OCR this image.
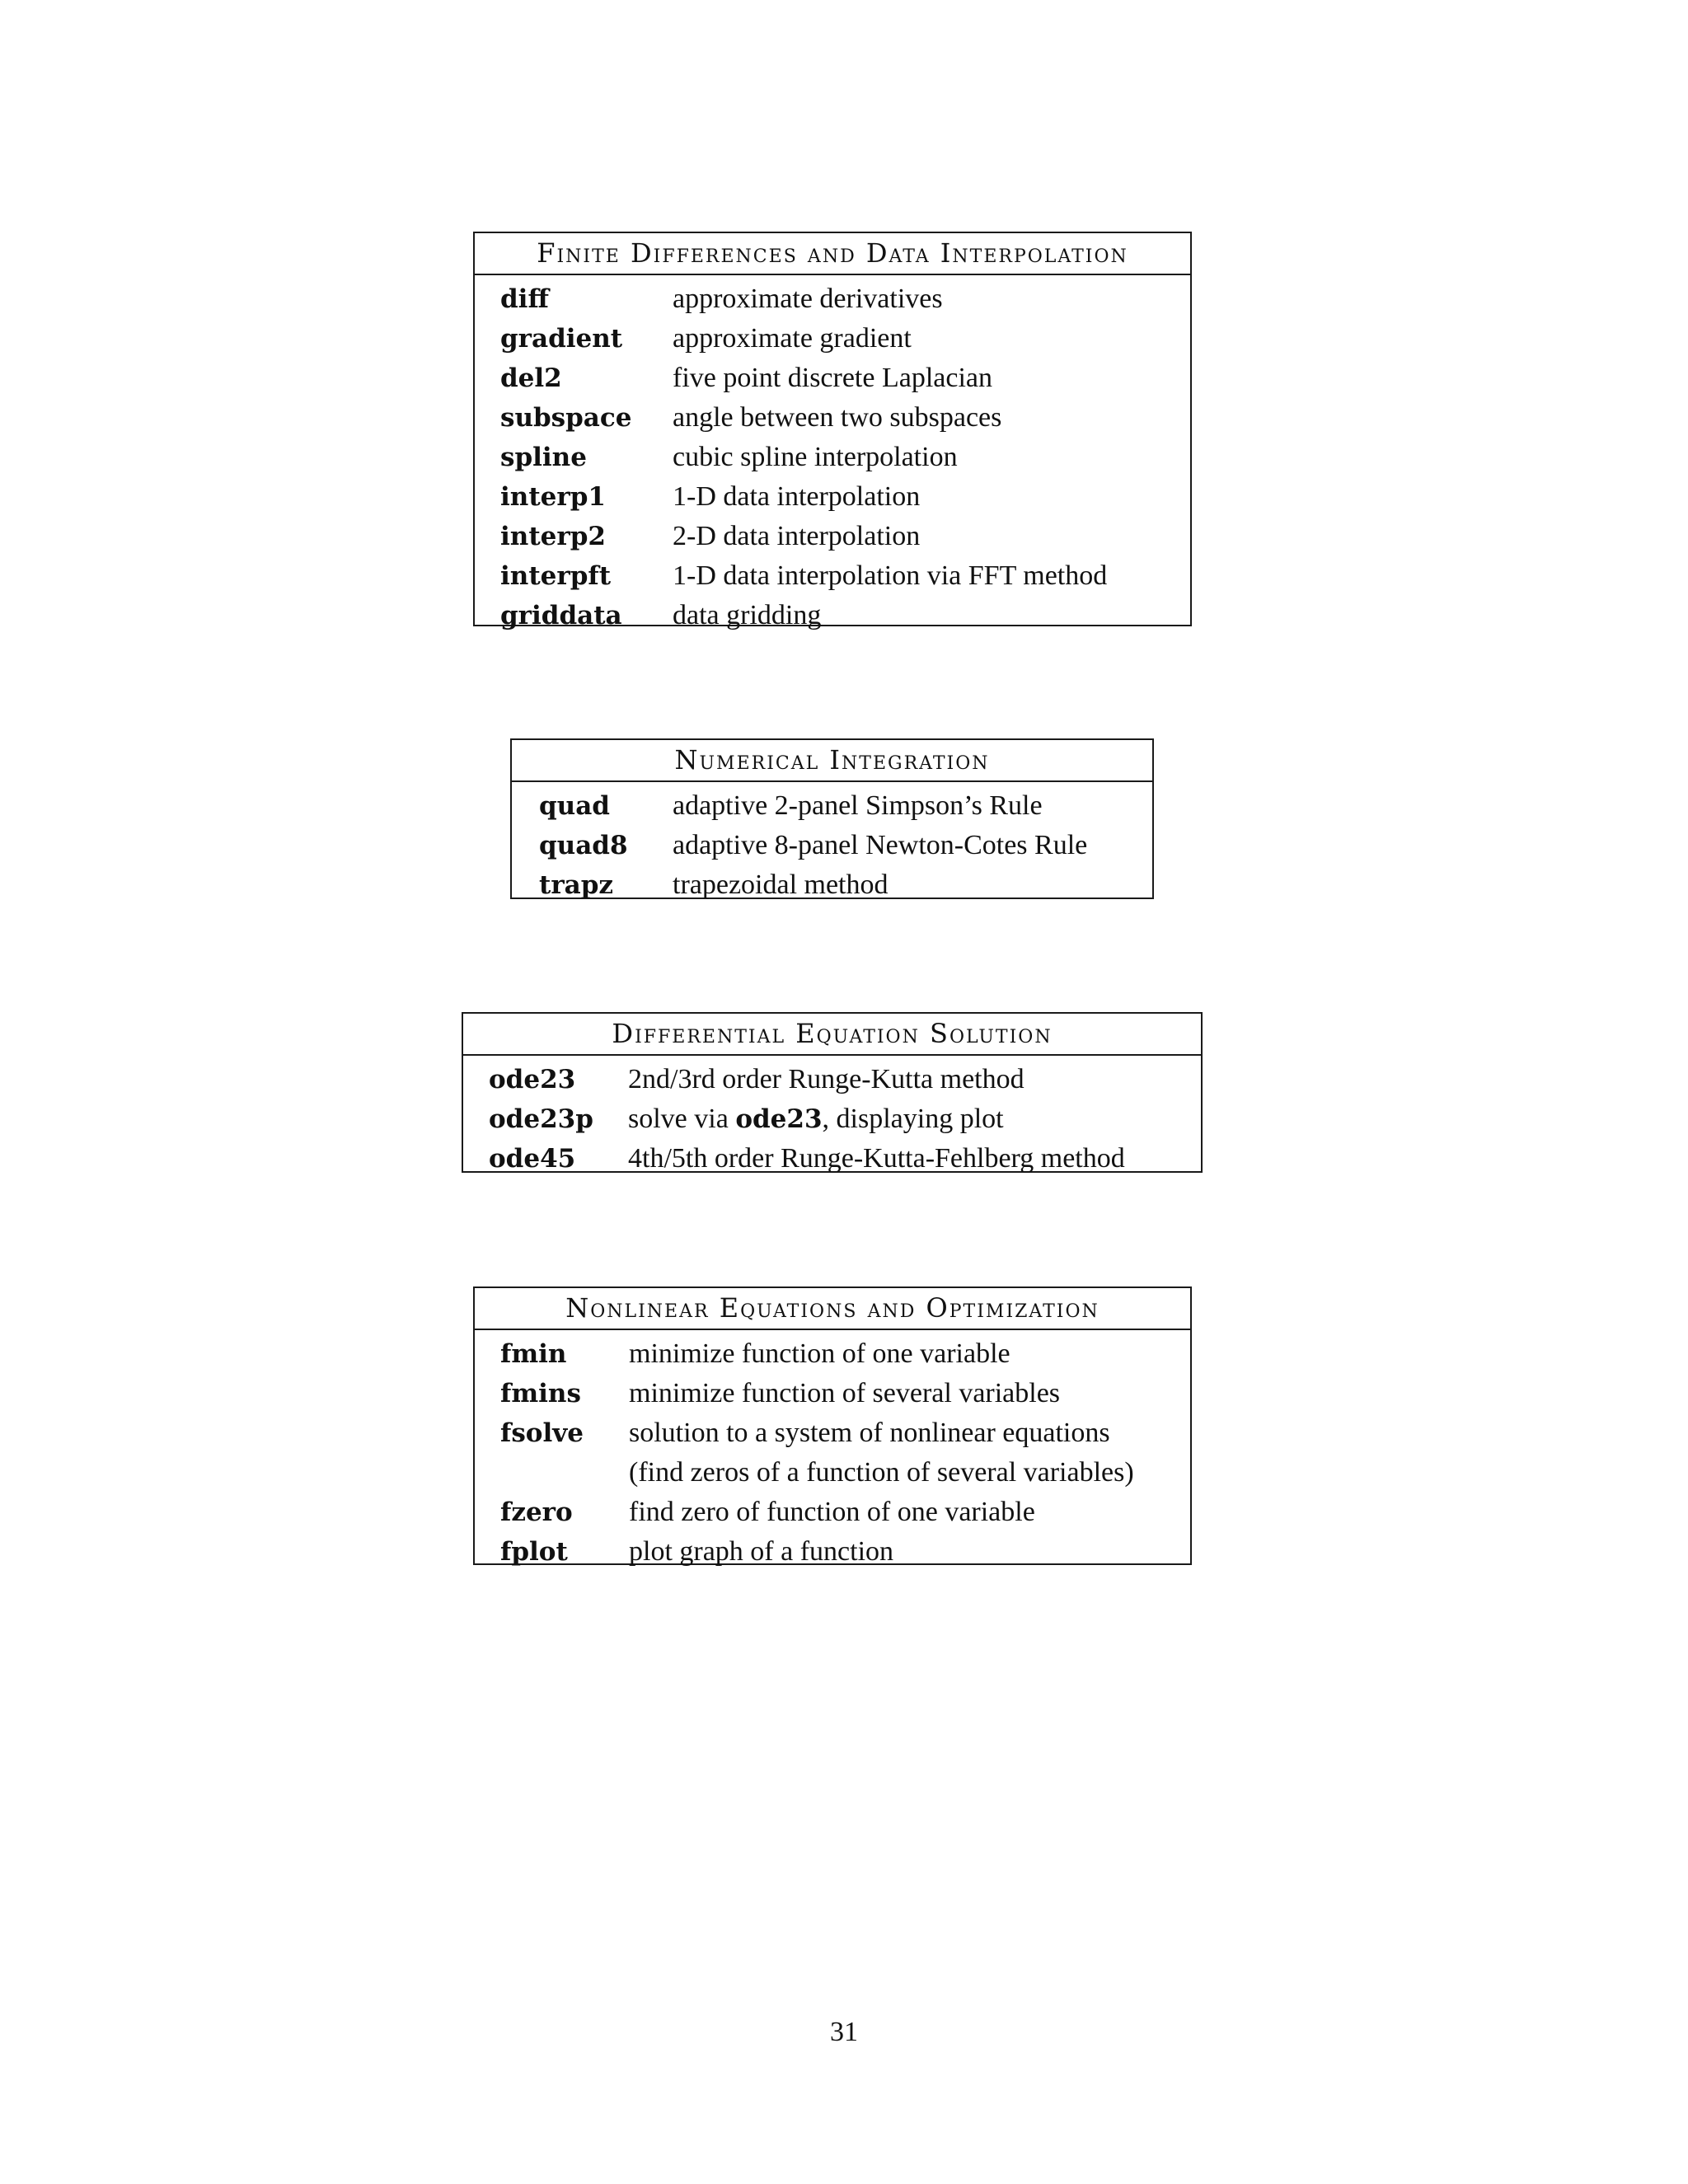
Finite Differences and Data Interpolation
diff	approximate derivatives
gradient approximate gradient
del2	five point discrete Laplacian
subspace angle between two subspaces
spline	cubic spline interpolation
interp1 1-D data interpolation
interp2 2-D data interpolation
interpft 1-D data interpolation via FFT method
griddata data gridding
Numerical Integration
quad adaptive 2-panel Simpson’s Rule
quad8 adaptive 8-panel Newton-Cotes Rule
trapz trapezoidal method
Differential Equation Solution
ode23 2nd/3rd order Runge-Kutta method
ode23p solve via ode23, displaying plot
ode45 4th/5th order Runge-Kutta-Fehlberg method
Nonlinear Equations and Optimization
fmin minimize function of one variable
fmins minimize function of several variables
fsolve solution to a system of nonlinear equations
(find zeros of a function of several variables)
fzero find zero of function of one variable
fplot plot graph of a function
31
